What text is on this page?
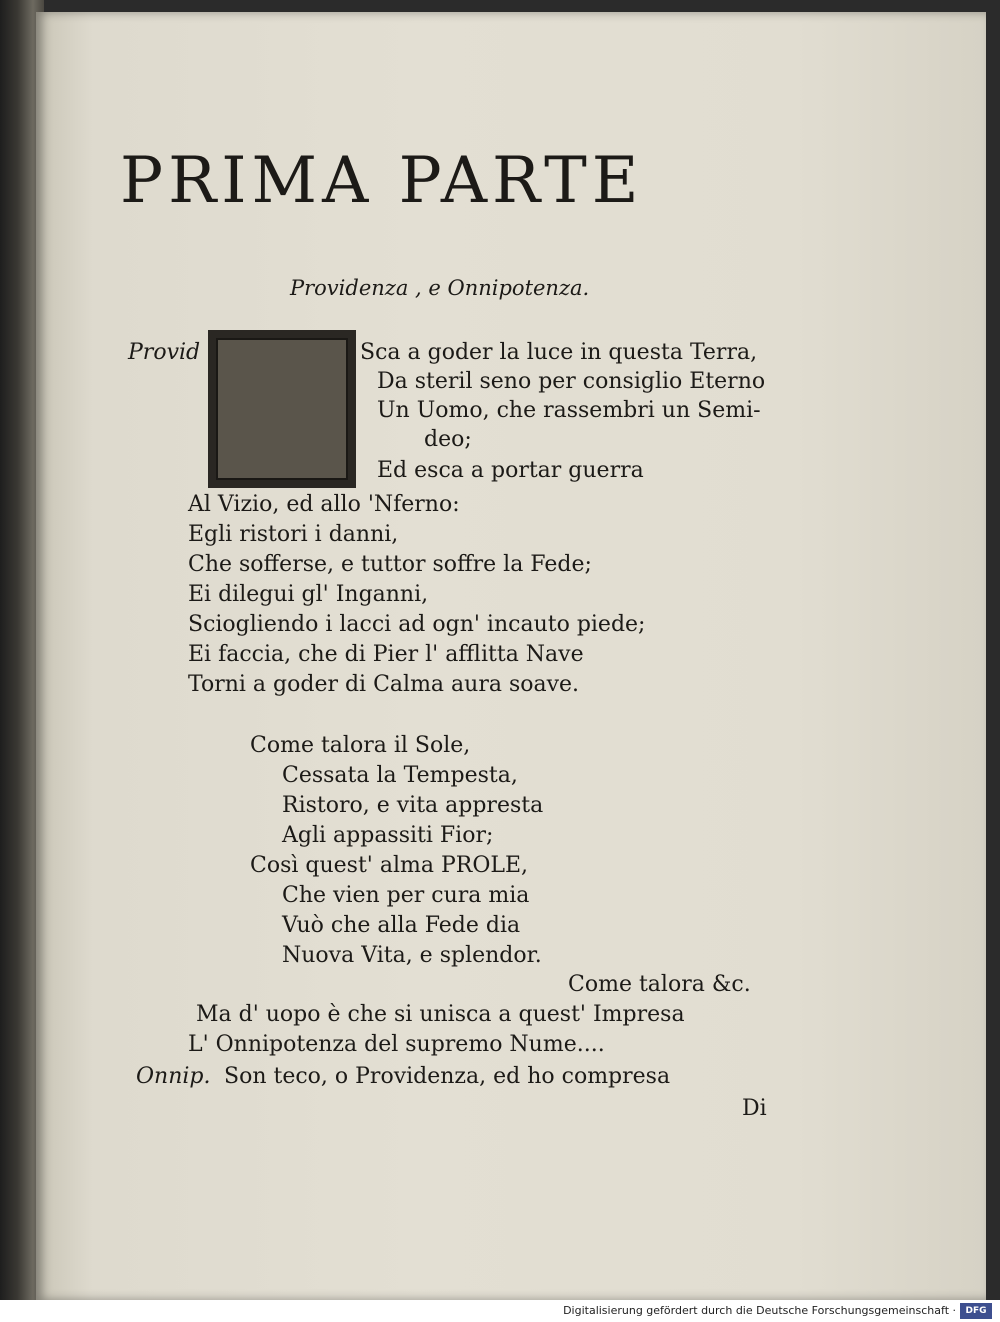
PRIMA PARTE
Providenza , e Onnipotenza.
Provid	Sca a goder la luce in questa Terra,
Da steril seno per consiglio Eterno
Un Uomo, che rassembri un Semi-
deo;
Ed esca a portar guerra
Al Vizio, ed allo 'Nferno:
Egli ristori i danni,
Che sofferse, e tuttor soffre la Fede;
Ei dilegui gl' Inganni,
Sciogliendo i lacci ad ogn' incauto piede;
Ei faccia, che di Pier l' afflitta Nave
Torni a goder di Calma aura soave.
Come talora il Sole,
Cessata la Tempesta,
Ristoro, e vita appresta
Agli appassiti Fior;
Così quest' alma PROLE,
Che vien per cura mia
Vuò che alla Fede dia
Nuova Vita, e splendor.
Come talora &c.
Ma d' uopo è che si unisca a quest' Impresa
L' Onnipotenza del supremo Nume....
Onnip. Son teco, o Providenza, ed ho compresa
Di
Digitalisierung gefördert durch die Deutsche Forschungsgemeinschaft ·	DFG
